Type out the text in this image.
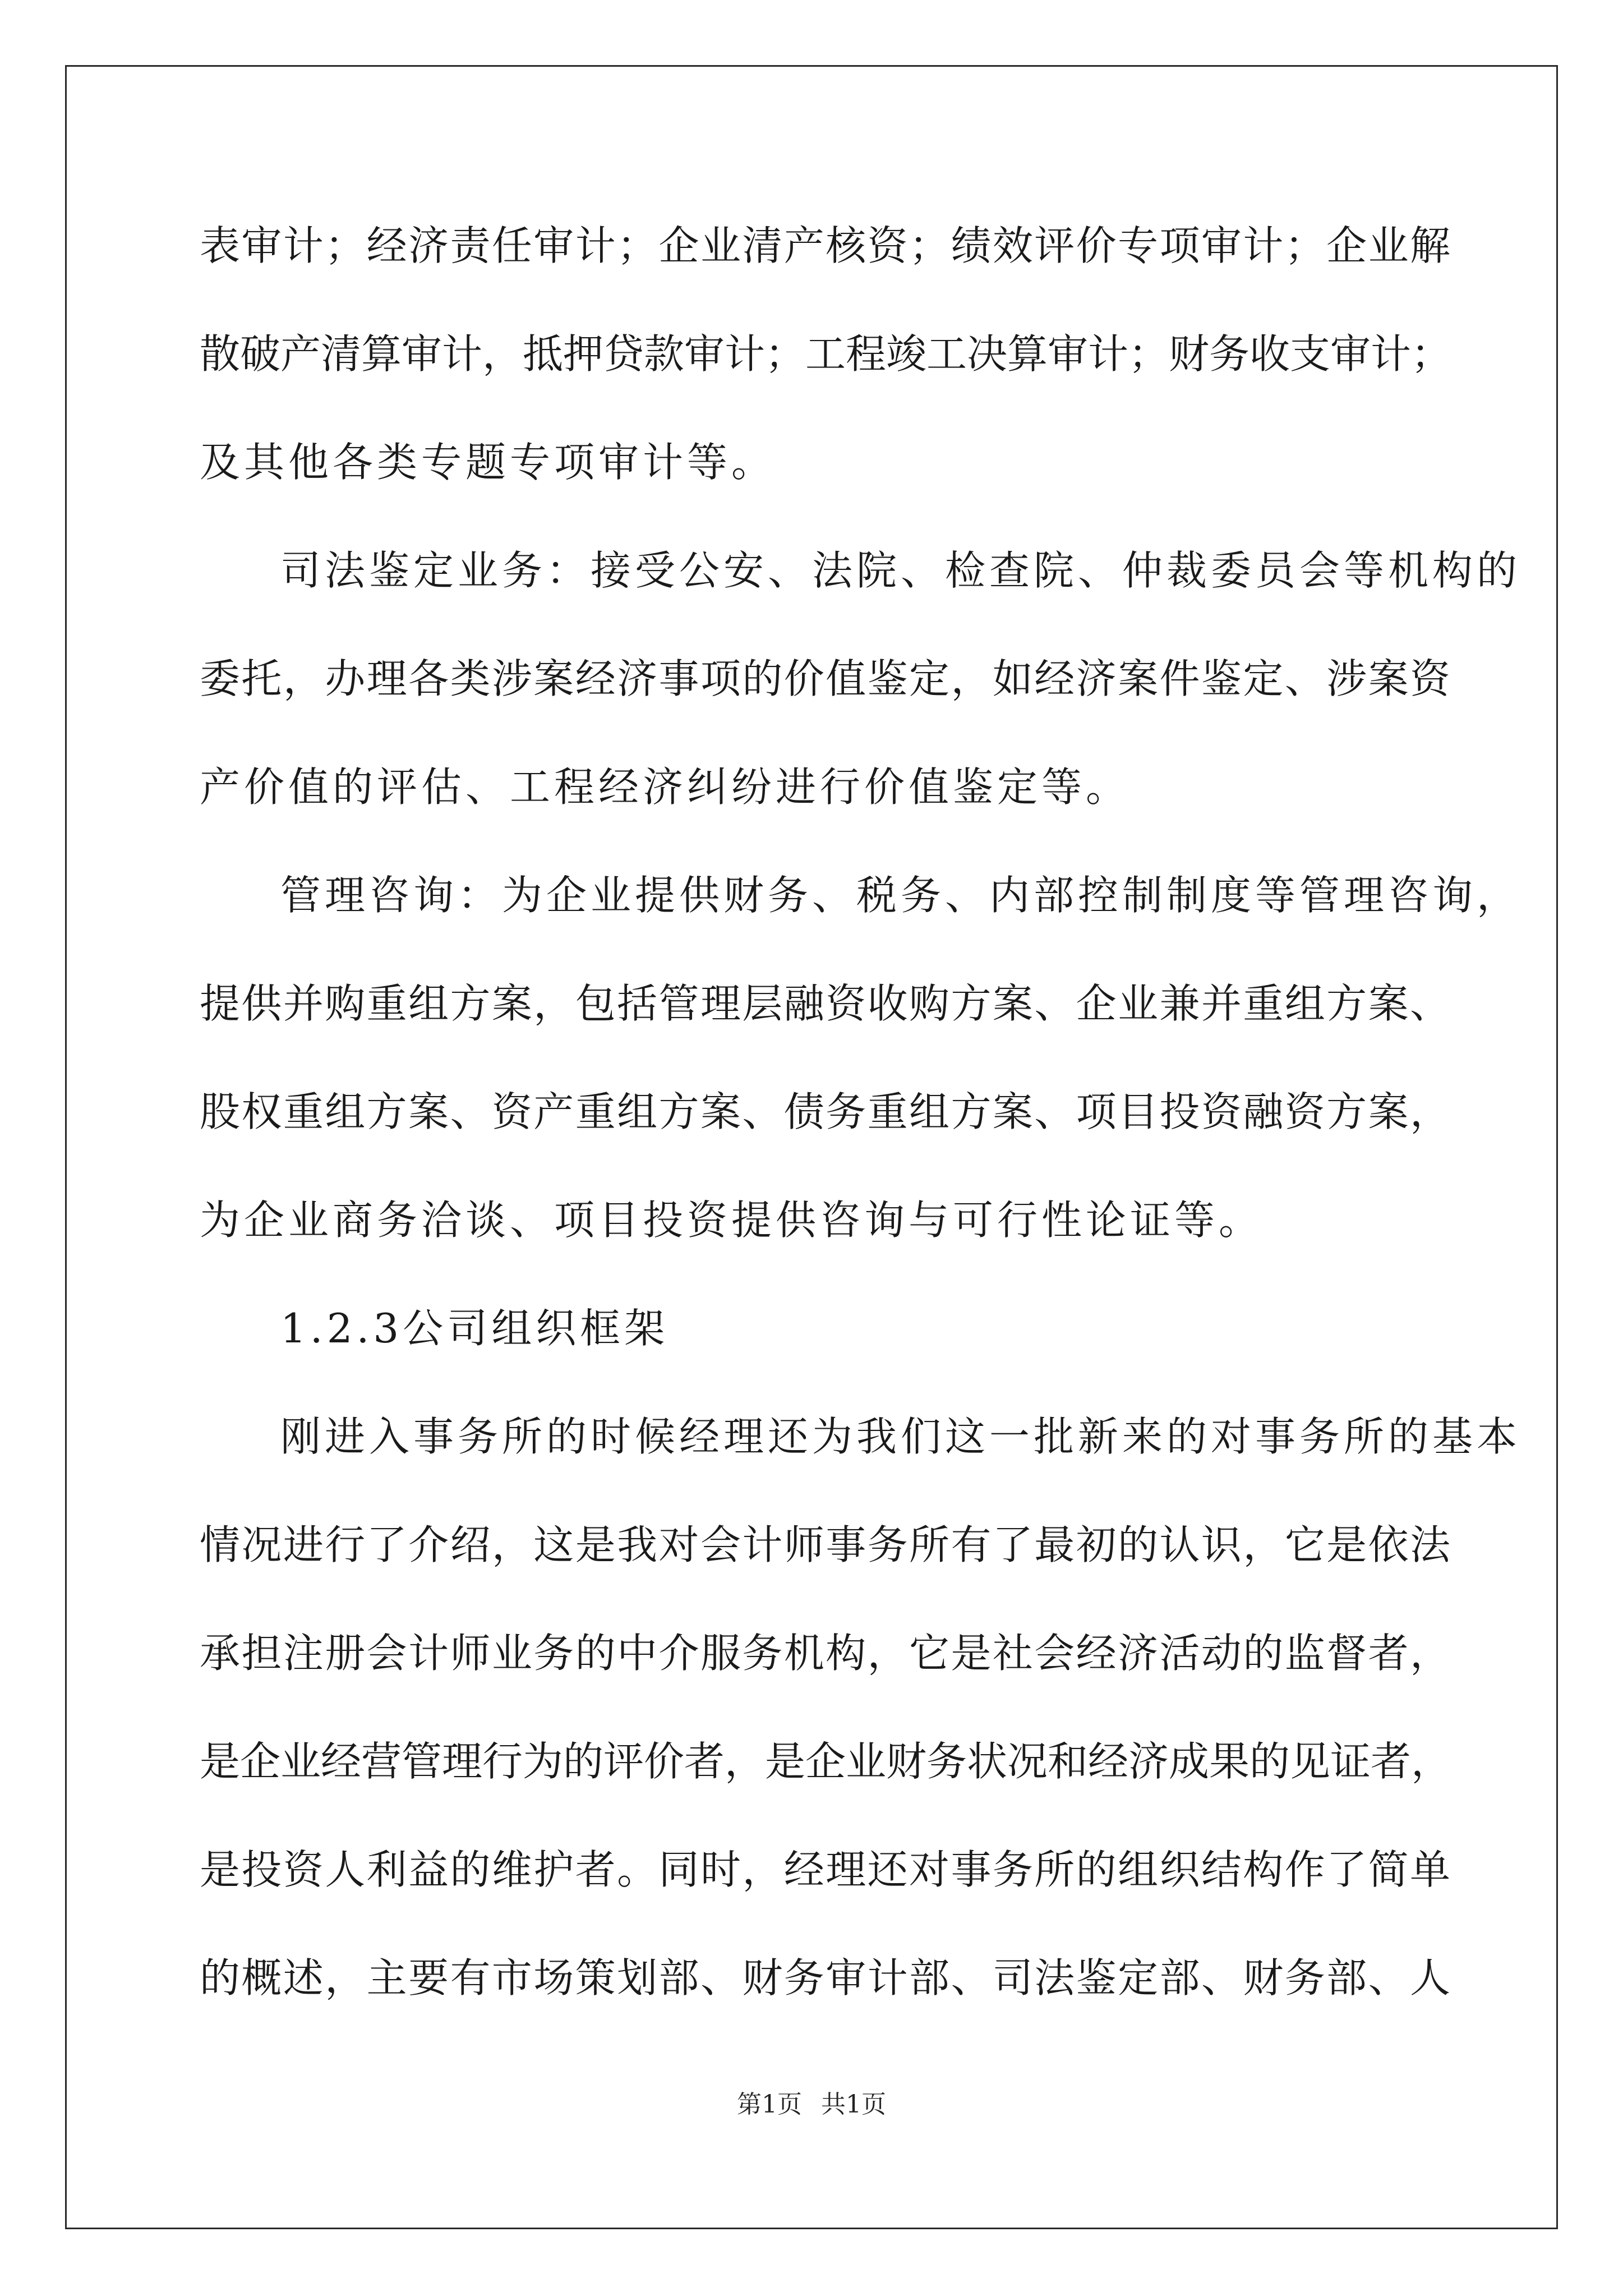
表审计；经济责任审计；企业清产核资；绩效评价专项审计；企业解
散破产清算审计，抵押贷款审计；工程竣工决算审计；财务收支审计；
及其他各类专题专项审计等。
司法鉴定业务：接受公安、法院、检查院、仲裁委员会等机构的
委托，办理各类涉案经济事项的价值鉴定，如经济案件鉴定、涉案资
产价值的评估、工程经济纠纷进行价值鉴定等。
管理咨询：为企业提供财务、税务、内部控制制度等管理咨询，
提供并购重组方案，包括管理层融资收购方案、企业兼并重组方案、
股权重组方案、资产重组方案、债务重组方案、项目投资融资方案，
为企业商务洽谈、项目投资提供咨询与可行性论证等。
1.2.3公司组织框架
刚进入事务所的时候经理还为我们这一批新来的对事务所的基本
情况进行了介绍，这是我对会计师事务所有了最初的认识，它是依法
承担注册会计师业务的中介服务机构，它是社会经济活动的监督者，
是企业经营管理行为的评价者，是企业财务状况和经济成果的见证者，
是投资人利益的维护者。同时，经理还对事务所的组织结构作了简单
的概述，主要有市场策划部、财务审计部、司法鉴定部、财务部、人
第1页 共1页
